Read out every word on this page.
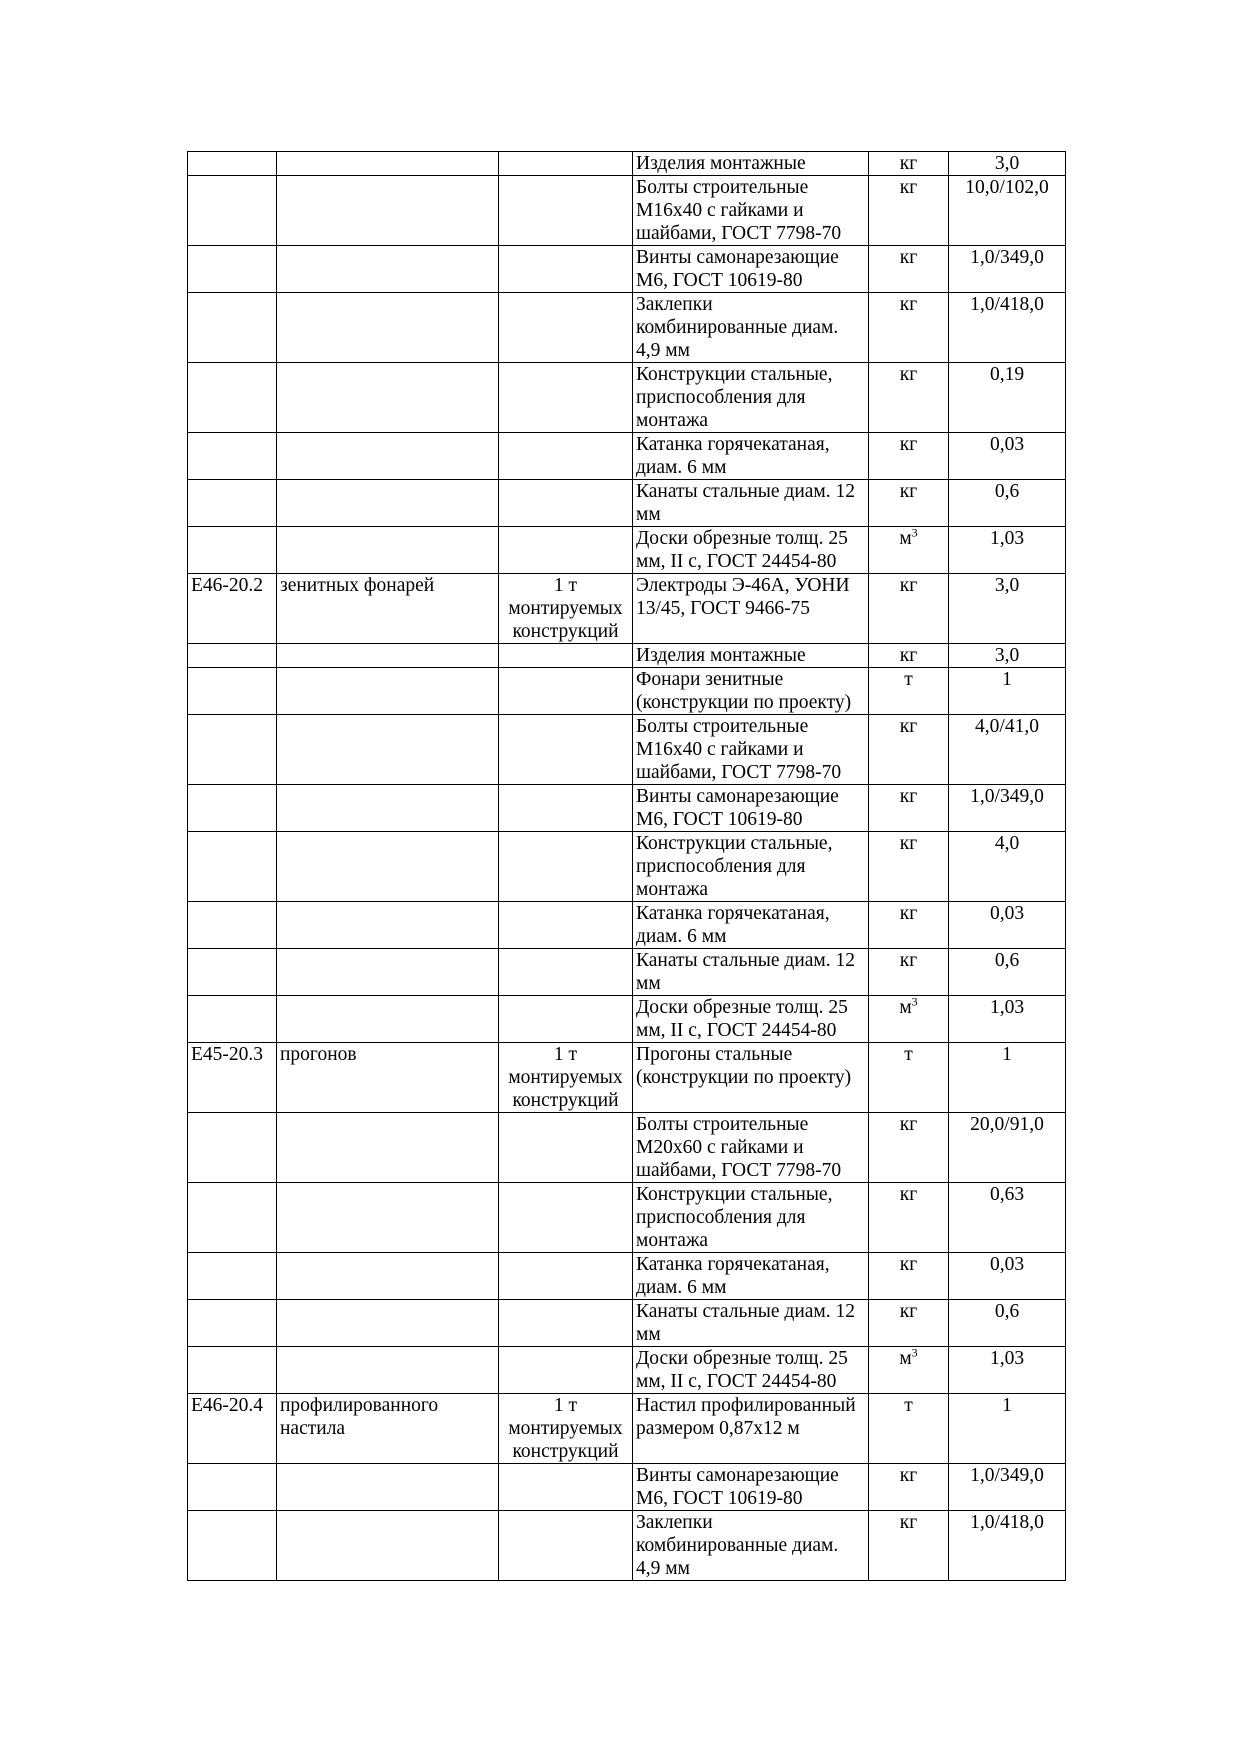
			Изделия монтажные	кг	3,0
			Болты строительные М16х40 с гайками и шайбами, ГОСТ 7798-70	кг	10,0/102,0
			Винты самонарезающие М6, ГОСТ 10619-80	кг	1,0/349,0
			Заклепки комбинированные диам. 4,9 мм	кг	1,0/418,0
			Конструкции стальные, приспособления для монтажа	кг	0,19
			Катанка горячекатаная, диам. 6 мм	кг	0,03
			Канаты стальные диам. 12 мм	кг	0,6
			Доски обрезные толщ. 25 мм, II с, ГОСТ 24454-80	$м^3$	1,03
Е46-20.2	зенитных фонарей	1 т монтируемых конструкций	Электроды Э-46А, УОНИ 13/45, ГОСТ 9466-75	кг	3,0
			Изделия монтажные	кг	3,0
			Фонари зенитные (конструкции по проекту)	т	1
			Болты строительные М16х40 с гайками и шайбами, ГОСТ 7798-70	кг	4,0/41,0
			Винты самонарезающие М6, ГОСТ 10619-80	кг	1,0/349,0
			Конструкции стальные, приспособления для монтажа	кг	4,0
			Катанка горячекатаная, диам. 6 мм	кг	0,03
			Канаты стальные диам. 12 мм	кг	0,6
			Доски обрезные толщ. 25 мм, II с, ГОСТ 24454-80	$м^3$	1,03
Е45-20.3	прогонов	1 т монтируемых конструкций	Прогоны стальные (конструкции по проекту)	т	1
			Болты строительные М20х60 с гайками и шайбами, ГОСТ 7798-70	кг	20,0/91,0
			Конструкции стальные, приспособления для монтажа	кг	0,63
			Катанка горячекатаная, диам. 6 мм	кг	0,03
			Канаты стальные диам. 12 мм	кг	0,6
			Доски обрезные толщ. 25 мм, II с, ГОСТ 24454-80	$м^3$	1,03
Е46-20.4	профилированного настила	1 т монтируемых конструкций	Настил профилированный размером 0,87х12 м	т	1
			Винты самонарезающие М6, ГОСТ 10619-80	кг	1,0/349,0
			Заклепки комбинированные диам. 4,9 мм	кг	1,0/418,0
